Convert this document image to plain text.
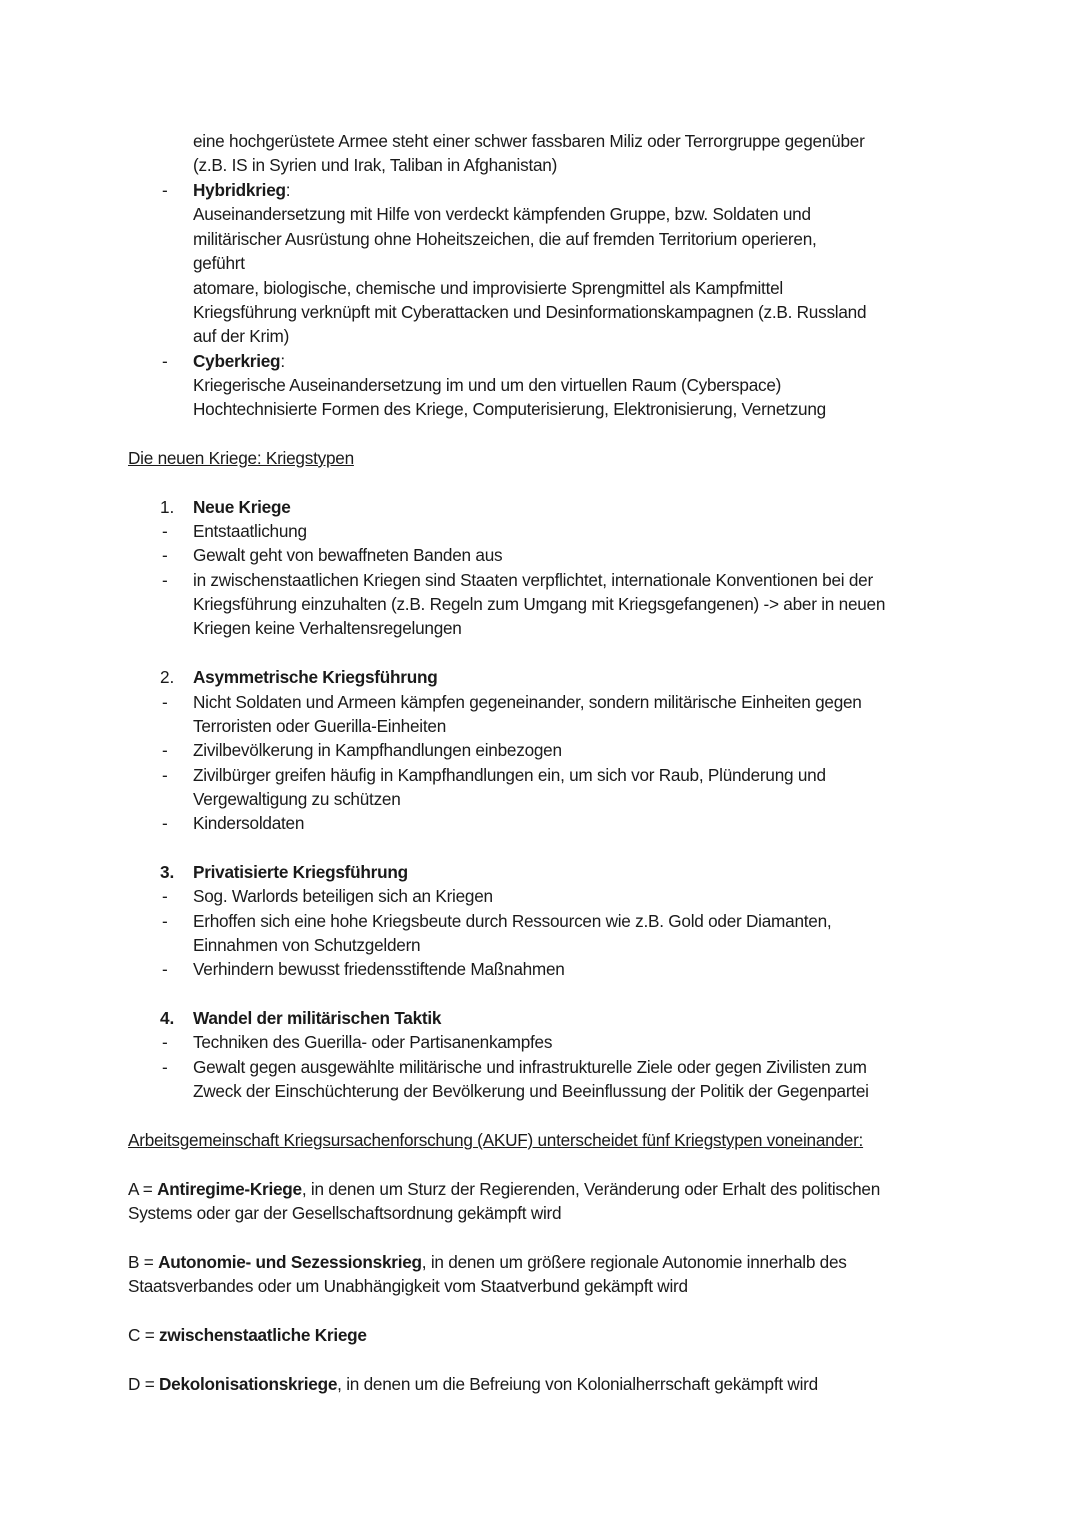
eine hochgerüstete Armee steht einer schwer fassbaren Miliz oder Terrorgruppe gegenüber
(z.B. IS in Syrien und Irak, Taliban in Afghanistan)
- Hybridkrieg:
Auseinandersetzung mit Hilfe von verdeckt kämpfenden Gruppe, bzw. Soldaten und
militärischer Ausrüstung ohne Hoheitszeichen, die auf fremden Territorium operieren,
geführt
atomare, biologische, chemische und improvisierte Sprengmittel als Kampfmittel
Kriegsführung verknüpft mit Cyberattacken und Desinformationskampagnen (z.B. Russland
auf der Krim)
- Cyberkrieg:
Kriegerische Auseinandersetzung im und um den virtuellen Raum (Cyberspace)
Hochtechnisierte Formen des Kriege, Computerisierung, Elektronisierung, Vernetzung
Die neuen Kriege: Kriegstypen
1. Neue Kriege
- Entstaatlichung
- Gewalt geht von bewaffneten Banden aus
- in zwischenstaatlichen Kriegen sind Staaten verpflichtet, internationale Konventionen bei der
Kriegsführung einzuhalten (z.B. Regeln zum Umgang mit Kriegsgefangenen) -> aber in neuen
Kriegen keine Verhaltensregelungen
2. Asymmetrische Kriegsführung
- Nicht Soldaten und Armeen kämpfen gegeneinander, sondern militärische Einheiten gegen
Terroristen oder Guerilla-Einheiten
- Zivilbevölkerung in Kampfhandlungen einbezogen
- Zivilbürger greifen häufig in Kampfhandlungen ein, um sich vor Raub, Plünderung und
Vergewaltigung zu schützen
- Kindersoldaten
3. Privatisierte Kriegsführung
- Sog. Warlords beteiligen sich an Kriegen
- Erhoffen sich eine hohe Kriegsbeute durch Ressourcen wie z.B. Gold oder Diamanten,
Einnahmen von Schutzgeldern
- Verhindern bewusst friedensstiftende Maßnahmen
4. Wandel der militärischen Taktik
- Techniken des Guerilla- oder Partisanenkampfes
- Gewalt gegen ausgewählte militärische und infrastrukturelle Ziele oder gegen Zivilisten zum
Zweck der Einschüchterung der Bevölkerung und Beeinflussung der Politik der Gegenpartei
Arbeitsgemeinschaft Kriegsursachenforschung (AKUF) unterscheidet fünf Kriegstypen voneinander:
A = Antiregime-Kriege, in denen um Sturz der Regierenden, Veränderung oder Erhalt des politischen
Systems oder gar der Gesellschaftsordnung gekämpft wird
B = Autonomie- und Sezessionskrieg, in denen um größere regionale Autonomie innerhalb des
Staatsverbandes oder um Unabhängigkeit vom Staatverbund gekämpft wird
C = zwischenstaatliche Kriege
D = Dekolonisationskriege, in denen um die Befreiung von Kolonialherrschaft gekämpft wird
